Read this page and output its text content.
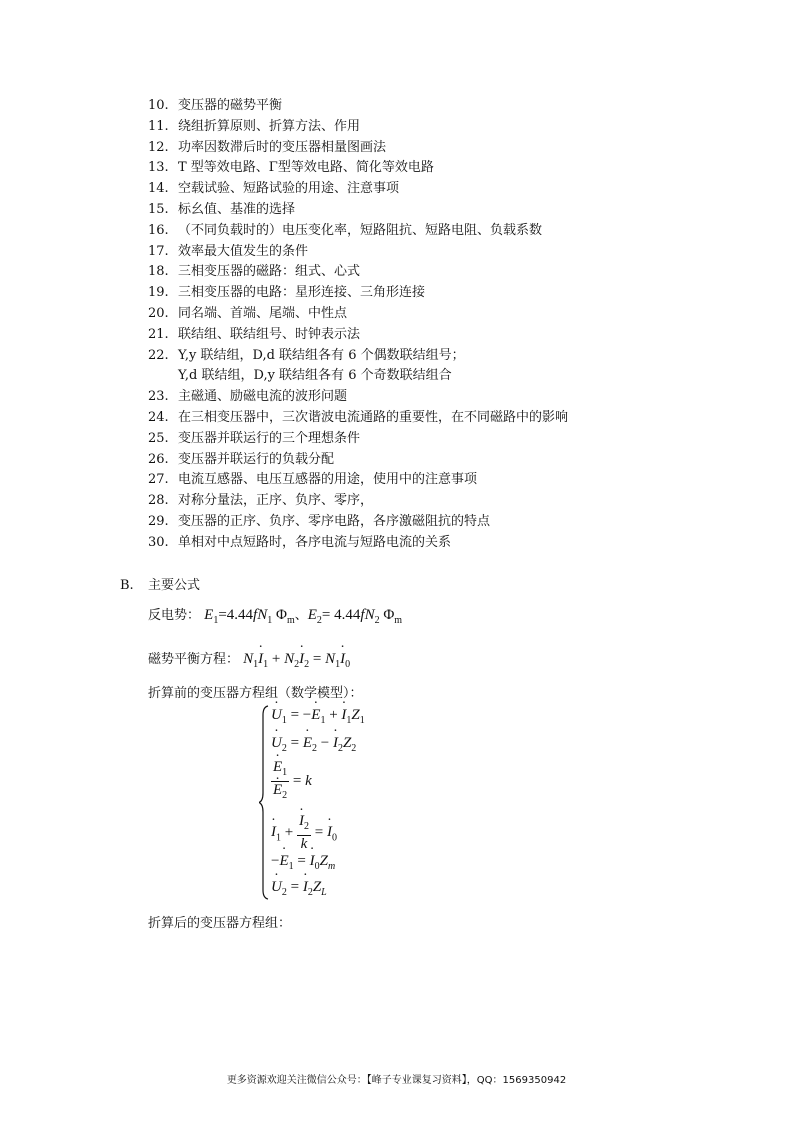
10. 变压器的磁势平衡
11. 绕组折算原则、折算方法、作用
12. 功率因数滞后时的变压器相量图画法
13. T 型等效电路、Γ型等效电路、简化等效电路
14. 空载试验、短路试验的用途、注意事项
15. 标幺值、基准的选择
16. （不同负载时的）电压变化率，短路阻抗、短路电阻、负载系数
17. 效率最大值发生的条件
18. 三相变压器的磁路：组式、心式
19. 三相变压器的电路：星形连接、三角形连接
20. 同名端、首端、尾端、中性点
21. 联结组、联结组号、时钟表示法
22. Y,y 联结组，D,d 联结组各有 6 个偶数联结组号；
Y,d 联结组，D,y 联结组各有 6 个奇数联结组合
23. 主磁通、励磁电流的波形问题
24. 在三相变压器中，三次谐波电流通路的重要性，在不同磁路中的影响
25. 变压器并联运行的三个理想条件
26. 变压器并联运行的负载分配
27. 电流互感器、电压互感器的用途，使用中的注意事项
28. 对称分量法，正序、负序、零序，
29. 变压器的正序、负序、零序电路，各序激磁阻抗的特点
30. 单相对中点短路时，各序电流与短路电流的关系
B. 主要公式
反电势： $E_1=4.44fN_1$ $\Phi_m$、$E_2= 4.44fN_2$ $\Phi_m$
磁势平衡方程： $N_1\cdot I_1 + N_2\cdot I_2 = N_1\cdot I_0$
折算前的变压器方程组（数学模型）：
· $U_1$ = −· $E_1$ + · $I_1Z_1$
· $U_2$ = · $E_2$ − · $I_2Z_2$
· $E_1$
· $E_2 = k$
· $I_1$ +
· $\frac{I_2}{k}$ = · $I_0$
−· $E_1$ = · $I_0Z_m$
· $U_2$ = · $I_2Z_L$
折算后的变压器方程组：
更多资源欢迎关注微信公众号：【峰子专业课复习资料】，QQ：1569350942
